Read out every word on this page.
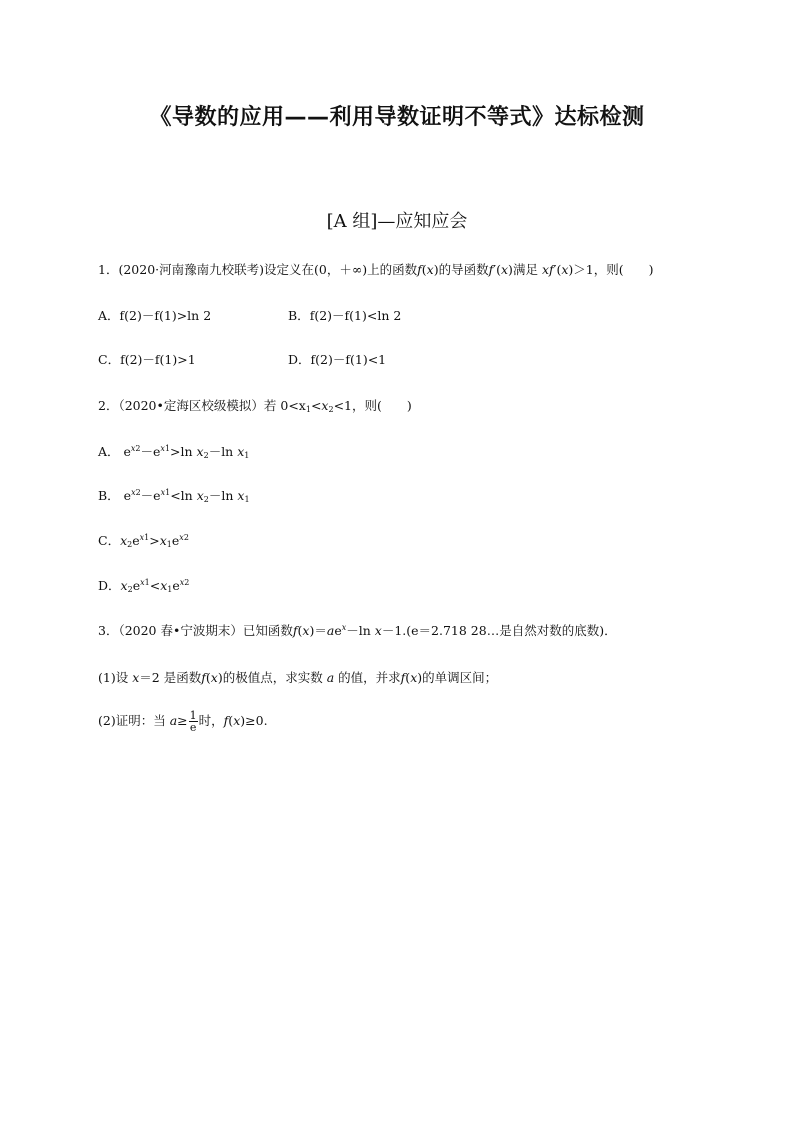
《导数的应用——利用导数证明不等式》达标检测
[A 组]—应知应会
1．(2020·河南豫南九校联考)设定义在(0，＋∞)上的函数f(x)的导函数f′(x)满足 xf′(x)＞1，则(　　)
A．f(2)－f(1)>ln 2	B．f(2)－f(1)<ln 2
C．f(2)－f(1)>1	D．f(2)－f(1)<1
2．（2020•定海区校级模拟）若 $0<x_1<x_2<1$，则(　　)
A． $e^{x2}-e^{x1}>\ln$ $x_2-\ln$ $x_1$
B． $e^{x2}-e^{x1}<\ln$ $x_2-\ln$ $x_1$
C．$x_2e^{x1}>x_1e^{x2}$
D．$x_2e^{x1}<x_1e^{x2}$
3．（2020 春•宁波期末）已知函数$f(x)=ae^x-\ln$ x－1.(e＝2.718 28…是自然对数的底数)．
(1)设 x＝2 是函数f(x)的极值点，求实数 a 的值，并求f(x)的单调区间；
(2)证明：当 $a\ge \frac{1}{e}$ 时，f(x)≥0.
